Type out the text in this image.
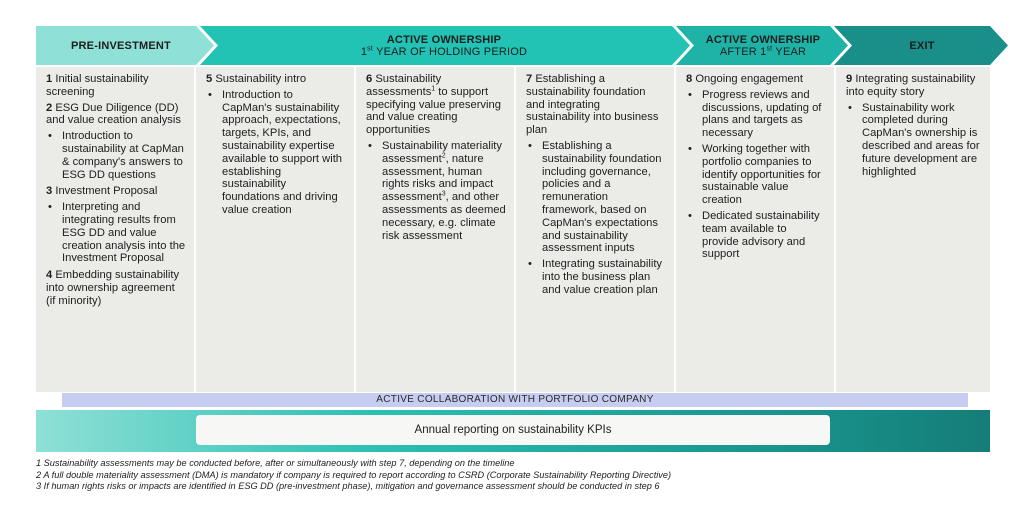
PRE-INVESTMENT	ACTIVE OWNERSHIP
1st YEAR OF HOLDING PERIOD
ACTIVE OWNERSHIP
AFTER 1st YEAR	EXIT
1 Initial sustainability screening
2 ESG Due Diligence (DD) and value creation analysis
• Introduction to sustainability at CapMan & company's answers to ESG DD questions
3 Investment Proposal
• Interpreting and integrating results from ESG DD and value creation analysis into the Investment Proposal
4 Embedding sustainability into ownership agreement (if minority)
5 Sustainability intro
• Introduction to CapMan's sustainability approach, expectations, targets, KPIs, and sustainability expertise available to support with establishing sustainability foundations and driving value creation
6 Sustainability assessments$^1$ to support specifying value preserving and value creating opportunities
• Sustainability materiality assessment$^2$, nature assessment, human rights risks and impact assessment$^3$, and other assessments as deemed necessary, e.g. climate risk assessment
7 Establishing a sustainability foundation and integrating sustainability into business plan
• Establishing a sustainability foundation including governance, policies and a remuneration framework, based on CapMan's expectations and sustainability assessment inputs
• Integrating sustainability into the business plan and value creation plan
8 Ongoing engagement
• Progress reviews and discussions, updating of plans and targets as necessary
• Working together with portfolio companies to identify opportunities for sustainable value creation
• Dedicated sustainability team available to provide advisory and support
9 Integrating sustainability into equity story
• Sustainability work completed during CapMan's ownership is described and areas for future development are highlighted
ACTIVE COLLABORATION WITH PORTFOLIO COMPANY
Annual reporting on sustainability KPIs
1 Sustainability assessments may be conducted before, after or simultaneously with step 7, depending on the timeline
2 A full double materiality assessment (DMA) is mandatory if company is required to report according to CSRD (Corporate Sustainability Reporting Directive)
3 If human rights risks or impacts are identified in ESG DD (pre-investment phase), mitigation and governance assessment should be conducted in step 6
